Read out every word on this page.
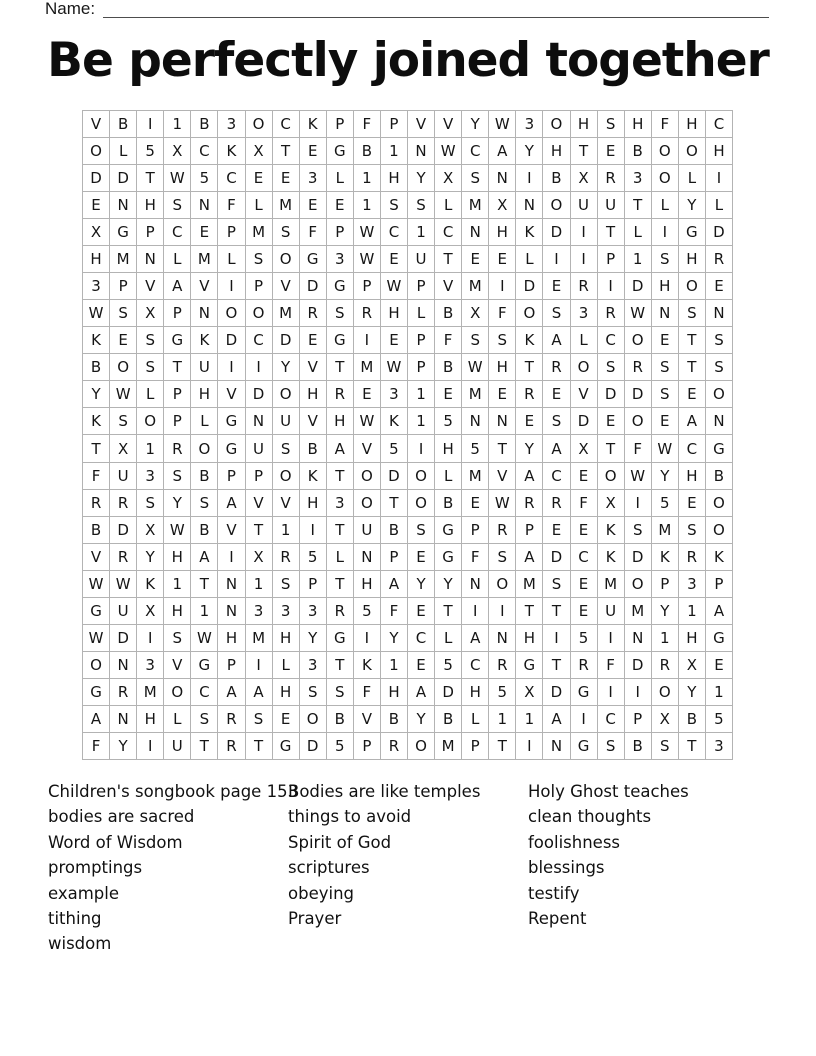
Name:
Be perfectly joined together
V	B	I	1	B	3	O	C	K	P	F	P	V	V	Y	W 3	O	H	S	H	F	H	C
O	L	5	X	C	K	X	T	E	G	B	1	N W C	A	Y	H	T	E	B	O	O	H
D	D	T	W 5	C	E	E	3	L	1	H	Y	X	S	N	I	B	X	R	3	O	L	I
E	N	H	S	N	F	L	M	E	E	1	S	S	L	M	X	N	O	U	U	T	L	Y	L
X	G	P	C	E	P	M	S	F	P	W C	1	C	N	H	K	D	I	T	L	I	G	D
H M N	L	M	L	S	O	G	3 W E	U	T	E	E	L	I	I	P	1	S	H	R
3	P	V	A	V	I	P	V	D	G	P	W	P	V	M	I	D	E	R	I	D	H	O	E
W S	X	P	N	O	O M	R	S	R	H	L	B	X	F	O	S	3	R W N	S	N
K	E	S	G	K	D	C	D	E	G	I	E	P	F	S	S	K	A	L	C	O	E	T	S
B	O	S	T	U	I	I	Y	V	T	M W	P	B W H	T	R	O	S	R	S	T	S
Y	W	L	P	H	V	D	O	H	R	E	3	1	E	M	E	R	E	V	D	D	S	E	O
K	S	O	P	L	G	N	U	V	H W K	1	5	N	N	E	S	D	E	O	E	A	N
T	X	1	R	O	G	U	S	B	A	V	5	I	H	5	T	Y	A	X	T	F	W C	G
F	U	3	S	B	P	P	O	K	T	O	D	O	L	M	V	A	C	E	O W	Y	H	B
R	R	S	Y	S	A	V	V	H	3	O	T	O	B	E W R	R	F	X	I	5	E	O
B	D	X W B	V	T	1	I	T	U	B	S	G	P	R	P	E	E	K	S	M	S	O
V	R	Y	H	A	I	X	R	5	L	N	P	E	G	F	S	A	D	C	K	D	K	R	K
W W K	1	T	N	1	S	P	T	H	A	Y	Y	N	O M	S	E	M O	P	3	P
G	U	X	H	1	N	3	3	3	R	5	F	E	T	I	I	T	T	E	U	M	Y	1	A
W D	I	S W H M H	Y	G	I	Y	C	L	A	N	H	I	5	I	N	1	H	G
O	N	3	V	G	P	I	L	3	T	K	1	E	5	C	R	G	T	R	F	D	R	X	E
G	R	M O	C	A	A	H	S	S	F	H	A	D	H	5	X	D	G	I	I	O	Y	1
A	N	H	L	S	R	S	E	O	B	V	B	Y	B	L	1	1	A	I	C	P	X	B	5
F	Y	I	U	T	R	T	G	D	5	P	R	O M	P	T	I	N	G	S	B	S	T	3
Children's songbook page 153
bodies are sacred
Word of Wisdom
promptings
example
tithing
wisdom
Bodies are like temples
things to avoid
Spirit of God
scriptures
obeying
Prayer
Holy Ghost teaches
clean thoughts
foolishness
blessings
testify
Repent
